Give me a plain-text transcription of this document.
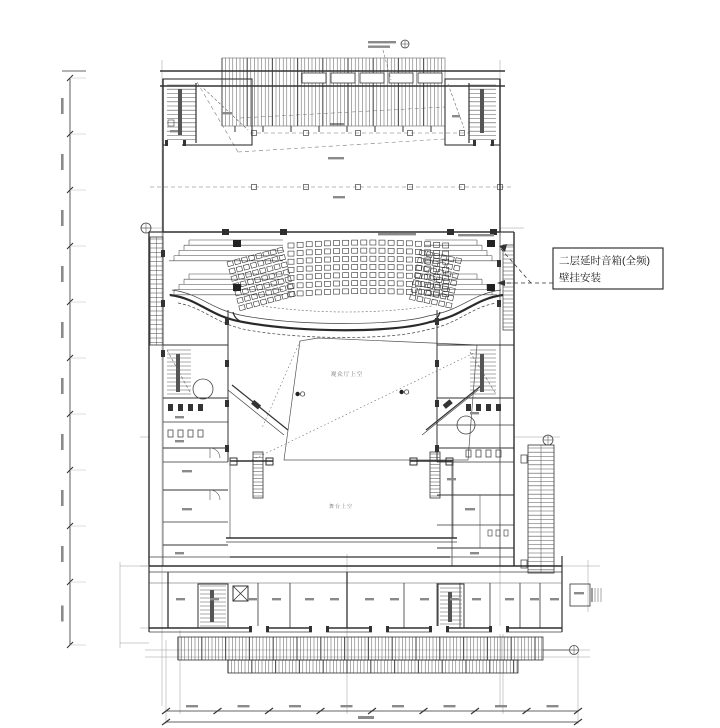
观众厅上空
舞台上空
二层延时音箱(全频)
壁挂安装
